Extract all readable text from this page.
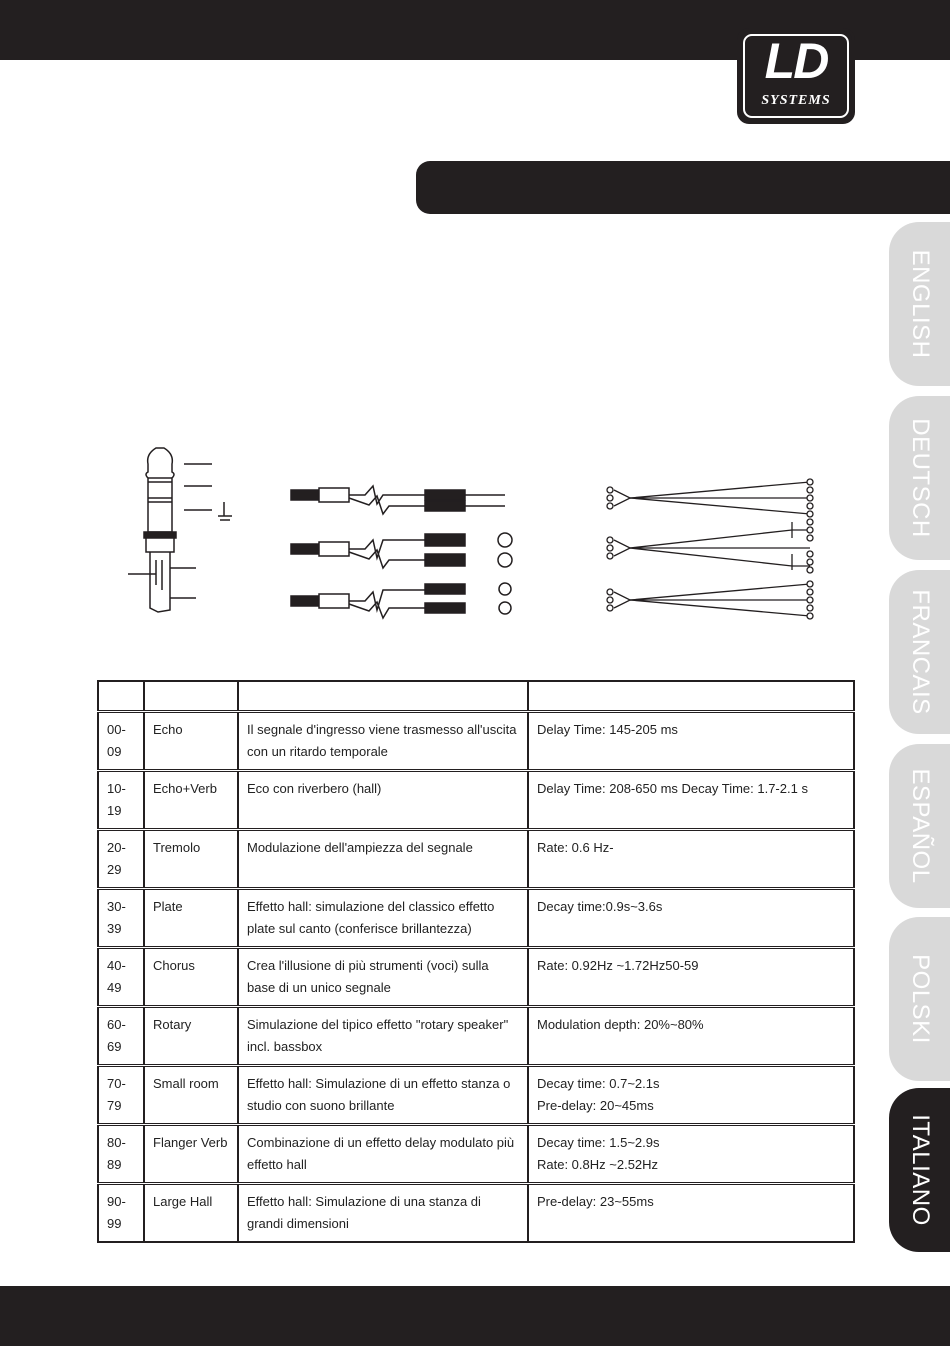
LD
SYSTEMS
ENGLISH
DEUTSCH
FRANCAIS
ESPAÑOL
POLSKI
ITALIANO

00-09	Echo	Il segnale d'ingresso viene trasmesso all'uscita con un ritardo temporale	Delay Time: 145-205 ms

10-19	Echo+Verb	Eco con riverbero (hall)	Delay Time: 208-650 ms Decay Time: 1.7-2.1 s

20-29	Tremolo	Modulazione dell'ampiezza del segnale	Rate: 0.6 Hz-

30-39	Plate	Effetto hall: simulazione del classico effetto plate sul canto (conferisce brillantezza)	Decay time:0.9s~3.6s

40-49	Chorus	Crea l'illusione di più strumenti (voci) sulla base di un unico segnale	Rate: 0.92Hz ~1.72Hz50-59

60-69	Rotary	Simulazione del tipico effetto "rotary speaker" incl. bassbox	Modulation depth: 20%~80%

70-79	Small room	Effetto hall: Simulazione di un effetto stanza o studio con suono brillante	Decay time: 0.7~2.1s
Pre-delay: 20~45ms

80-89	Flanger Verb	Combinazione di un effetto delay modulato più effetto hall	Decay time: 1.5~2.9s
Rate: 0.8Hz ~2.52Hz

90-99	Large Hall	Effetto hall: Simulazione di una stanza di grandi dimensioni	Pre-delay: 23~55ms
